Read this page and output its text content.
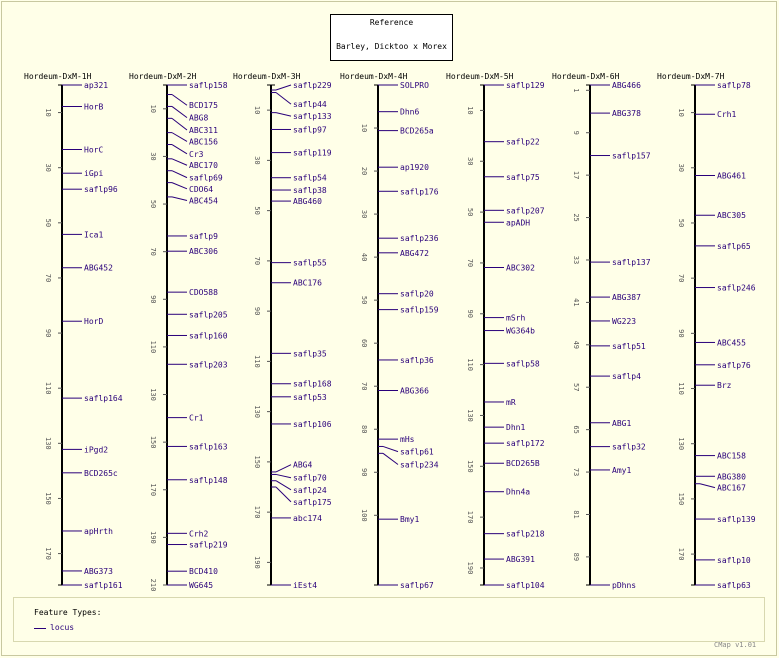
Reference
Barley, Dicktoo x Morex
Hordeum-DxM-1H
10
30
50
70
90
110
130
150
170
ap321
HorB
HorC
iGpi
saflp96
Ica1
ABG452
HorD
saflp164
iPgd2
BCD265c
apHrth
ABG373
saflp161
Hordeum-DxM-2H
10
30
50
70
90
110
130
150
170
190
210
saflp158
BCD175
ABG8
ABC311
ABC156
Cr3
ABC170
saflp69
CDO64
ABC454
saflp9
ABC306
CDO588
saflp205
saflp160
saflp203
Cr1
saflp163
saflp148
Crh2
saflp219
BCD410
WG645
Hordeum-DxM-3H
10
30
50
70
90
110
130
150
170
190
saflp229
saflp44
saflp133
saflp97
saflp119
saflp54
saflp38
ABG460
saflp55
ABC176
saflp35
saflp168
saflp53
saflp106
ABG4
saflp70
saflp24
saflp175
abc174
iEst4
Hordeum-DxM-4H
10
20
30
40
50
60
70
80
90
100
SOLPRO
Dhn6
BCD265a
ap1920
saflp176
saflp236
ABG472
saflp20
saflp159
saflp36
ABG366
mHs
saflp61
saflp234
Bmy1
saflp67
Hordeum-DxM-5H
10
30
50
70
90
110
130
150
170
190
saflp129
saflp22
saflp75
saflp207
apADH
ABC302
mSrh
WG364b
saflp58
mR
Dhn1
saflp172
BCD265B
Dhn4a
saflp218
ABG391
saflp104
Hordeum-DxM-6H
1
9
17
25
33
41
49
57
65
73
81
89
ABG466
ABG378
saflp157
saflp137
ABG387
WG223
saflp51
saflp4
ABG1
saflp32
Amy1
pDhns
Hordeum-DxM-7H
10
30
50
70
90
110
130
150
170
saflp78
Crh1
ABG461
ABC305
saflp65
saflp246
ABC455
saflp76
Brz
ABC158
ABG380
ABC167
saflp139
saflp10
saflp63
Feature Types:
locus
CMap v1.01
